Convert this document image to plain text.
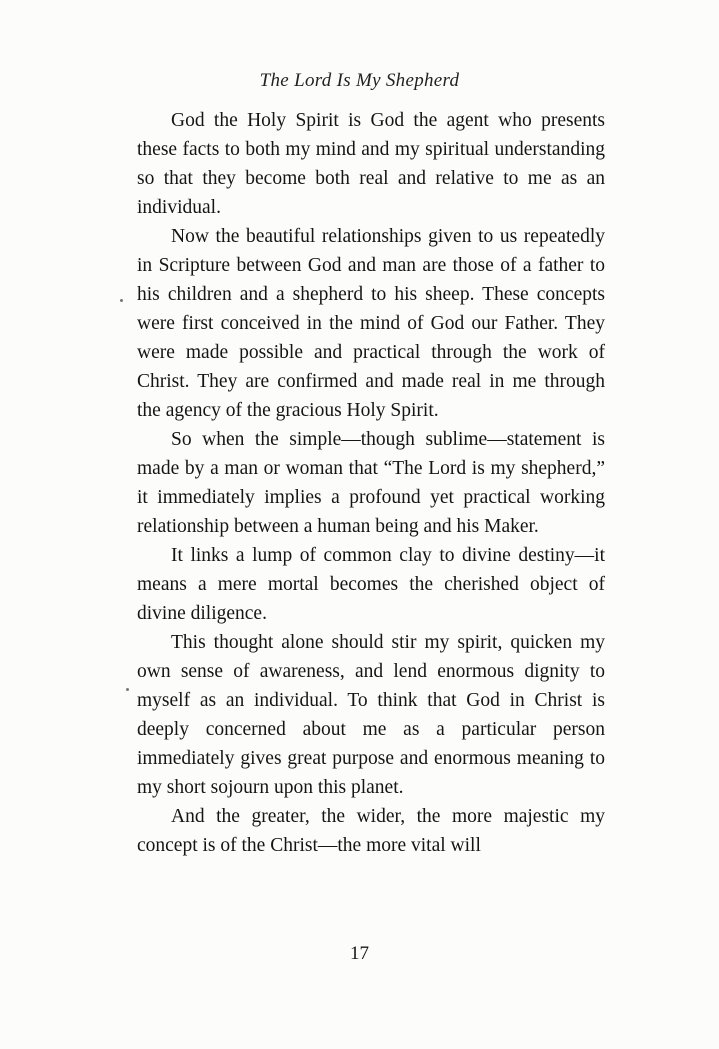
The Lord Is My Shepherd

God the Holy Spirit is God the agent who presents these facts to both my mind and my spiritual understanding so that they become both real and relative to me as an individual.

Now the beautiful relationships given to us repeatedly in Scripture between God and man are those of a father to his children and a shepherd to his sheep. These concepts were first conceived in the mind of God our Father. They were made possible and practical through the work of Christ. They are confirmed and made real in me through the agency of the gracious Holy Spirit.

So when the simple—though sublime—statement is made by a man or woman that “The Lord is my shepherd,” it immediately implies a profound yet practical working relationship between a human being and his Maker.

It links a lump of common clay to divine destiny—it means a mere mortal becomes the cherished object of divine diligence.

This thought alone should stir my spirit, quicken my own sense of awareness, and lend enormous dignity to myself as an individual. To think that God in Christ is deeply concerned about me as a particular person immediately gives great purpose and enormous meaning to my short sojourn upon this planet.

And the greater, the wider, the more majestic my concept is of the Christ—the more vital will

17
